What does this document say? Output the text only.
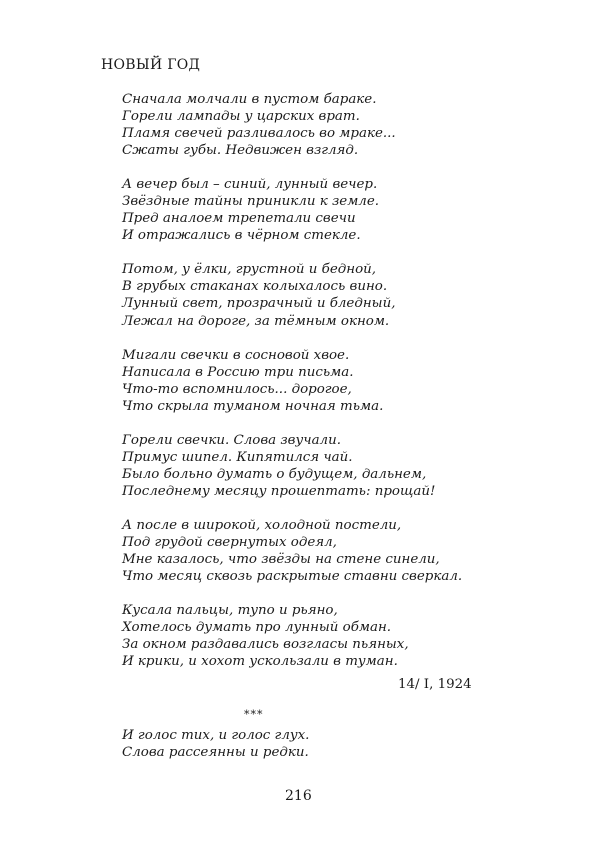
НОВЫЙ ГОД
Сначала молчали в пустом бараке.
Горели лампады у царских врат.
Пламя свечей разливалось во мраке...
Сжаты губы. Недвижен взгляд.
А вечер был – синий, лунный вечер.
Звёздные тайны приникли к земле.
Пред аналоем трепетали свечи
И отражались в чёрном стекле.
Потом, у ёлки, грустной и бедной,
В грубых стаканах колыхалось вино.
Лунный свет, прозрачный и бледный,
Лежал на дороге, за тёмным окном.
Мигали свечки в сосновой хвое.
Написала в Россию три письма.
Что-то вспомнилось... дорогое,
Что скрыла туманом ночная тьма.
Горели свечки. Слова звучали.
Примус шипел. Кипятился чай.
Было больно думать о будущем, дальнем,
Последнему месяцу прошептать: прощай!
А после в широкой, холодной постели,
Под грудой свернутых одеял,
Мне казалось, что звёзды на стене синели,
Что месяц сквозь раскрытые ставни сверкал.
Кусала пальцы, тупо и рьяно,
Хотелось думать про лунный обман.
За окном раздавались возгласы пьяных,
И крики, и хохот ускользали в туман.
14/ I, 1924
***
И голос тих, и голос глух.
Слова рассеянны и редки.
216
